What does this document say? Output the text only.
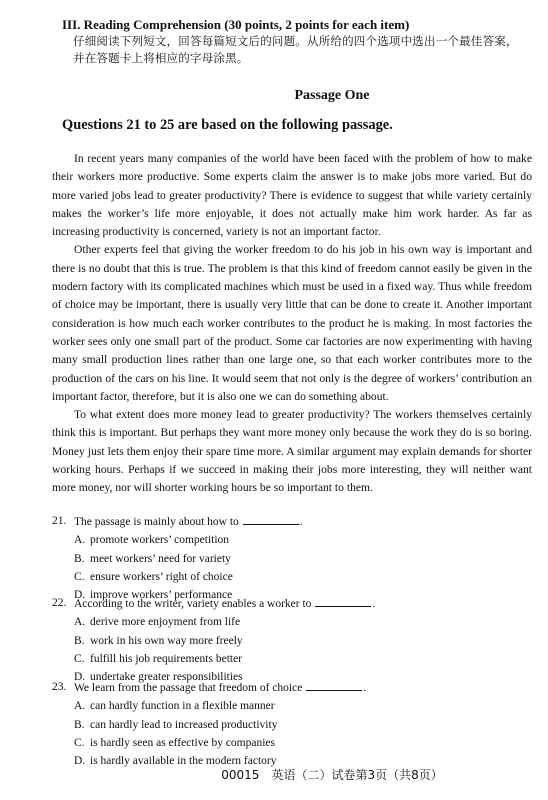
III. Reading Comprehension (30 points, 2 points for each item)
仔细阅读下列短文，回答每篇短文后的问题。从所给的四个选项中选出一个最佳答案，
并在答题卡上将相应的字母涂黑。
Passage One
Questions 21 to 25 are based on the following passage.

In recent years many companies of the world have been faced with the problem of how to make their workers more productive. Some experts claim the answer is to make jobs more varied. But do more varied jobs lead to greater productivity? There is evidence to suggest that while variety certainly makes the worker’s life more enjoyable, it does not actually make him work harder. As far as increasing productivity is concerned, variety is not an important factor.

Other experts feel that giving the worker freedom to do his job in his own way is important and there is no doubt that this is true. The problem is that this kind of freedom cannot easily be given in the modern factory with its complicated machines which must be used in a fixed way. Thus while freedom of choice may be important, there is usually very little that can be done to create it. Another important consideration is how much each worker contributes to the product he is making. In most factories the worker sees only one small part of the product. Some car factories are now experimenting with having many small production lines rather than one large one, so that each worker contributes more to the production of the cars on his line. It would seem that not only is the degree of workers’ contribution an important factor, therefore, but it is also one we can do something about.

To what extent does more money lead to greater productivity? The workers themselves certainly think this is important. But perhaps they want more money only because the work they do is so boring. Money just lets them enjoy their spare time more. A similar argument may explain demands for shorter working hours. Perhaps if we succeed in making their jobs more interesting, they will neither want more money, nor will shorter working hours be so important to them.

21. The passage is mainly about how to	.
A. promote workers’ competition
B. meet workers’ need for variety
C. ensure workers’ right of choice
D. improve workers’ performance
22. According to the writer, variety enables a worker to	.
A. derive more enjoyment from life
B. work in his own way more freely
C. fulfill his job requirements better
D. undertake greater responsibilities
23. We learn from the passage that freedom of choice	.
A. can hardly function in a flexible manner
B. can hardly lead to increased productivity
C. is hardly seen as effective by companies
D. is hardly available in the modern factory
00015　英语（二）试卷第3页（共8页）
